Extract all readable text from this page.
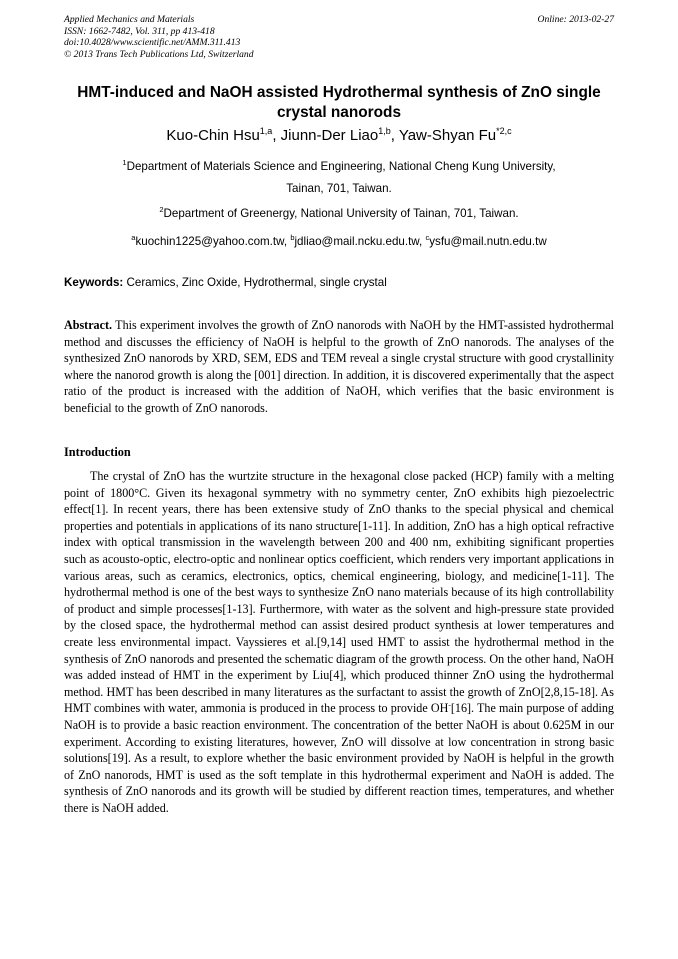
Applied Mechanics and Materials
ISSN: 1662-7482, Vol. 311, pp 413-418
doi:10.4028/www.scientific.net/AMM.311.413
© 2013 Trans Tech Publications Ltd, Switzerland
Online: 2013-02-27
HMT-induced and NaOH assisted Hydrothermal synthesis of ZnO single
crystal nanorods
Kuo-Chin Hsu$^{1,a}$, Jiunn-Der Liao$^{1,b}$, Yaw-Shyan Fu$^{*2,c}$
$^1$Department of Materials Science and Engineering, National Cheng Kung University,
Tainan, 701, Taiwan.
$^2$Department of Greenergy, National University of Tainan, 701, Taiwan.
$^a$kuochin1225@yahoo.com.tw, $^b$jdliao@mail.ncku.edu.tw, $^c$ysfu@mail.nutn.edu.tw
Keywords: Ceramics, Zinc Oxide, Hydrothermal, single crystal
Abstract. This experiment involves the growth of ZnO nanorods with NaOH by the HMT-assisted hydrothermal method and discusses the efficiency of NaOH is helpful to the growth of ZnO nanorods. The analyses of the synthesized ZnO nanorods by XRD, SEM, EDS and TEM reveal a single crystal structure with good crystallinity where the nanorod growth is along the [001] direction. In addition, it is discovered experimentally that the aspect ratio of the product is increased with the addition of NaOH, which verifies that the basic environment is beneficial to the growth of ZnO nanorods.
Introduction
The crystal of ZnO has the wurtzite structure in the hexagonal close packed (HCP) family with a melting point of 1800°C. Given its hexagonal symmetry with no symmetry center, ZnO exhibits high piezoelectric effect[1]. In recent years, there has been extensive study of ZnO thanks to the special physical and chemical properties and potentials in applications of its nano structure[1-11]. In addition, ZnO has a high optical refractive index with optical transmission in the wavelength between 200 and 400 nm, exhibiting significant properties such as acousto-optic, electro-optic and nonlinear optics coefficient, which renders very important applications in various areas, such as ceramics, electronics, optics, chemical engineering, biology, and medicine[1-11]. The hydrothermal method is one of the best ways to synthesize ZnO nano materials because of its high controllability of product and simple processes[1-13]. Furthermore, with water as the solvent and high-pressure state provided by the closed space, the hydrothermal method can assist desired product synthesis at lower temperatures and create less environmental impact. Vayssieres et al.[9,14] used HMT to assist the hydrothermal method in the synthesis of ZnO nanorods and presented the schematic diagram of the growth process. On the other hand, NaOH was added instead of HMT in the experiment by Liu[4], which produced thinner ZnO using the hydrothermal method. HMT has been described in many literatures as the surfactant to assist the growth of ZnO[2,8,15-18]. As HMT combines with water, ammonia is produced in the process to provide OH-[16]. The main purpose of adding NaOH is to provide a basic reaction environment. The concentration of the better NaOH is about 0.625M in our experiment. According to existing literatures, however, ZnO will dissolve at low concentration in strong basic solutions[19]. As a result, to explore whether the basic environment provided by NaOH is helpful in the growth of ZnO nanorods, HMT is used as the soft template in this hydrothermal experiment and NaOH is added. The synthesis of ZnO nanorods and its growth will be studied by different reaction times, temperatures, and whether there is NaOH added.
